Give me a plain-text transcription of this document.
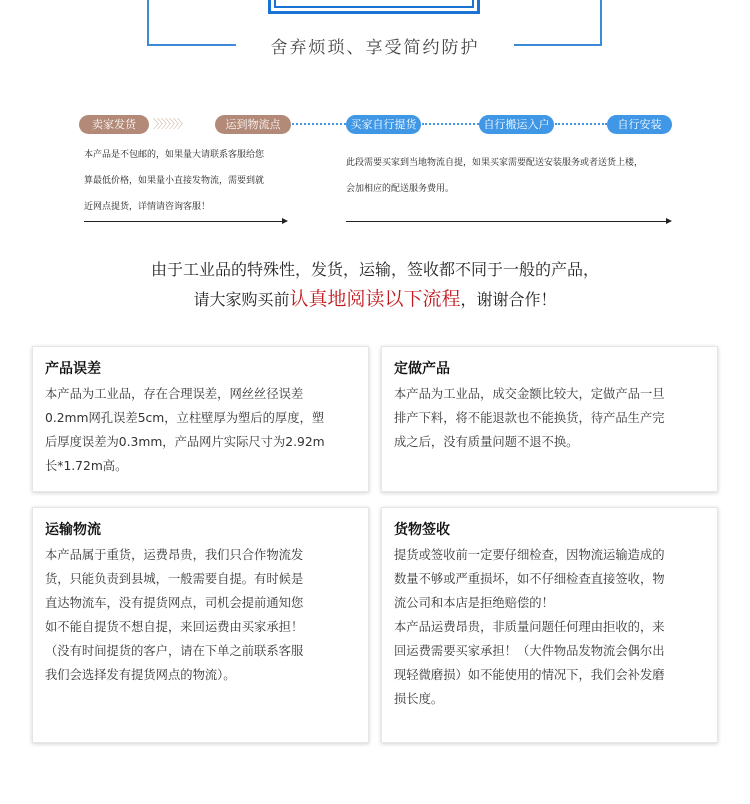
舍弃烦琐、享受简约防护
卖家发货	〉〉〉〉〉〉〉	运到物流点	买家自行提货	自行搬运入户	自行安装
本产品是不包邮的，如果量大请联系客服给您
算最低价格，如果量小直接发物流，需要到就
近网点提货，详情请咨询客服！
此段需要买家到当地物流自提，如果买家需要配送安装服务或者送货上楼，
会加相应的配送服务费用。
由于工业品的特殊性，发货，运输，签收都不同于一般的产品，
请大家购买前认真地阅读以下流程，谢谢合作！
产品误差
本产品为工业品，存在合理误差，网丝丝径误差
0.2mm网孔误差5cm，立柱壁厚为塑后的厚度，塑
后厚度误差为0.3mm，产品网片实际尺寸为2.92m
长*1.72m高。
定做产品
本产品为工业品，成交金额比较大，定做产品一旦
排产下料，将不能退款也不能换货，待产品生产完
成之后，没有质量问题不退不换。
运输物流
本产品属于重货，运费昂贵，我们只合作物流发
货，只能负责到县城，一般需要自提。有时候是
直达物流车，没有提货网点，司机会提前通知您
如不能自提货不想自提，来回运费由买家承担！
（没有时间提货的客户，请在下单之前联系客服
我们会选择发有提货网点的物流）。
货物签收
提货或签收前一定要仔细检查，因物流运输造成的
数量不够或严重损坏，如不仔细检查直接签收，物
流公司和本店是拒绝赔偿的！
本产品运费昂贵，非质量问题任何理由拒收的，来
回运费需要买家承担！（大件物品发物流会偶尔出
现轻微磨损）如不能使用的情况下，我们会补发磨
损长度。
